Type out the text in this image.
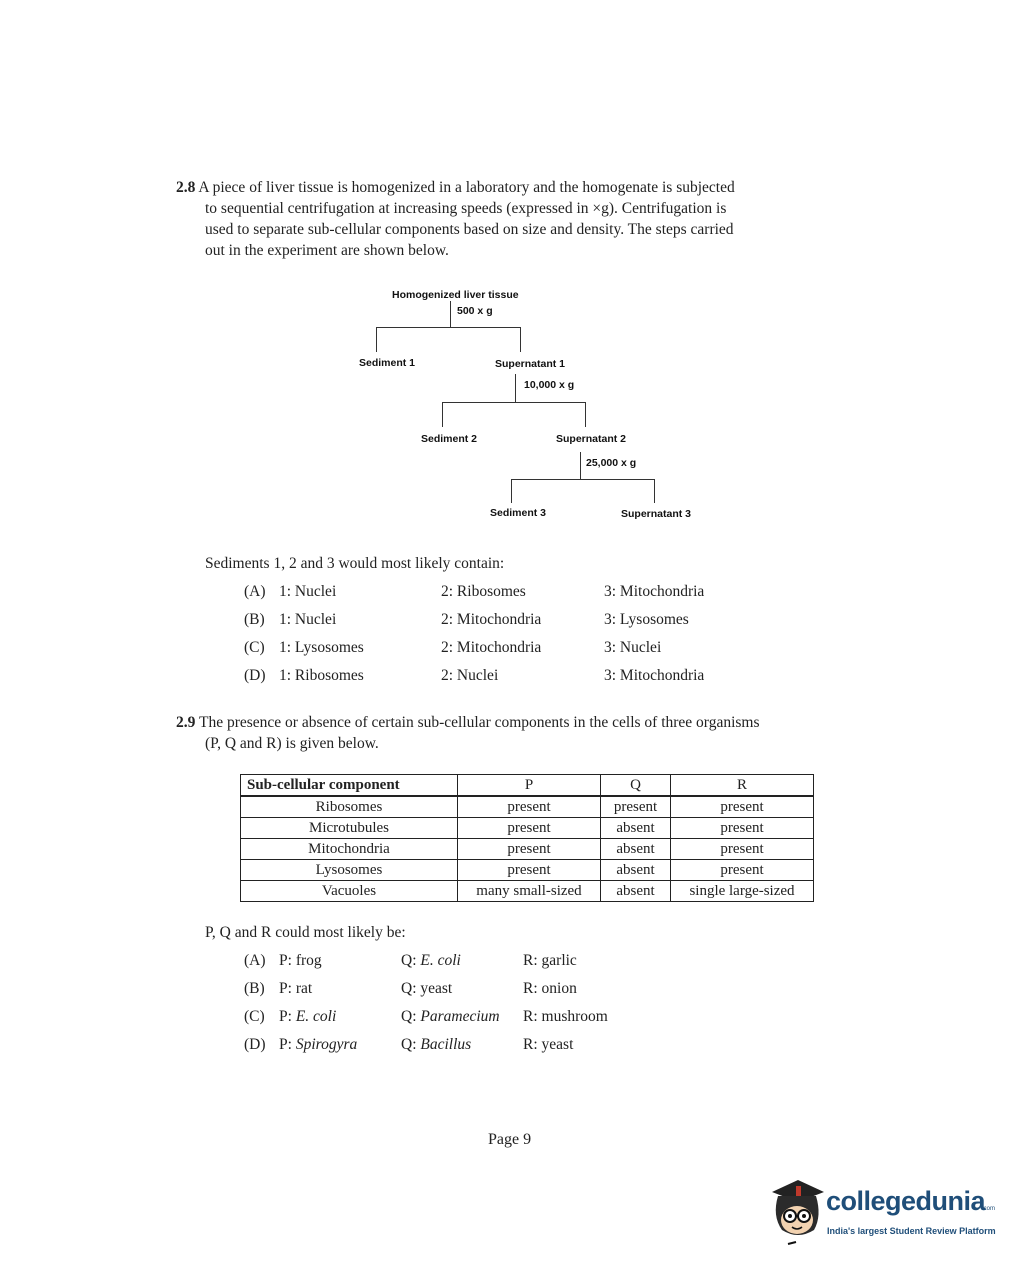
2.8 A piece of liver tissue is homogenized in a laboratory and the homogenate is subjected
to sequential centrifugation at increasing speeds (expressed in ×g). Centrifugation is
used to separate sub-cellular components based on size and density. The steps carried
out in the experiment are shown below.
Homogenized liver tissue
500 x g
Sediment 1	Supernatant 1
10,000 x g
Sediment 2	Supernatant 2
25,000 x g
Sediment 3	Supernatant 3
Sediments 1, 2 and 3 would most likely contain:
(A) 1: Nuclei	2: Ribosomes	3: Mitochondria
(B) 1: Nuclei	2: Mitochondria	3: Lysosomes
(C) 1: Lysosomes	2: Mitochondria	3: Nuclei
(D) 1: Ribosomes	2: Nuclei	3: Mitochondria
2.9 The presence or absence of certain sub-cellular components in the cells of three organisms
(P, Q and R) is given below.
Sub-cellular component	P	Q	R
Ribosomes	present	present	present
Microtubules	present	absent	present
Mitochondria	present	absent	present
Lysosomes	present	absent	present
Vacuoles	many small-sized	absent	single large-sized
P, Q and R could most likely be:
(A) P: frog	Q: E. coli	R: garlic
(B) P: rat	Q: yeast	R: onion
(C) P: E. coli	Q: Paramecium R: mushroom
(D) P: Spirogyra	Q: Bacillus	R: yeast
Page 9
collegedunia
.com
India's largest Student Review Platform
